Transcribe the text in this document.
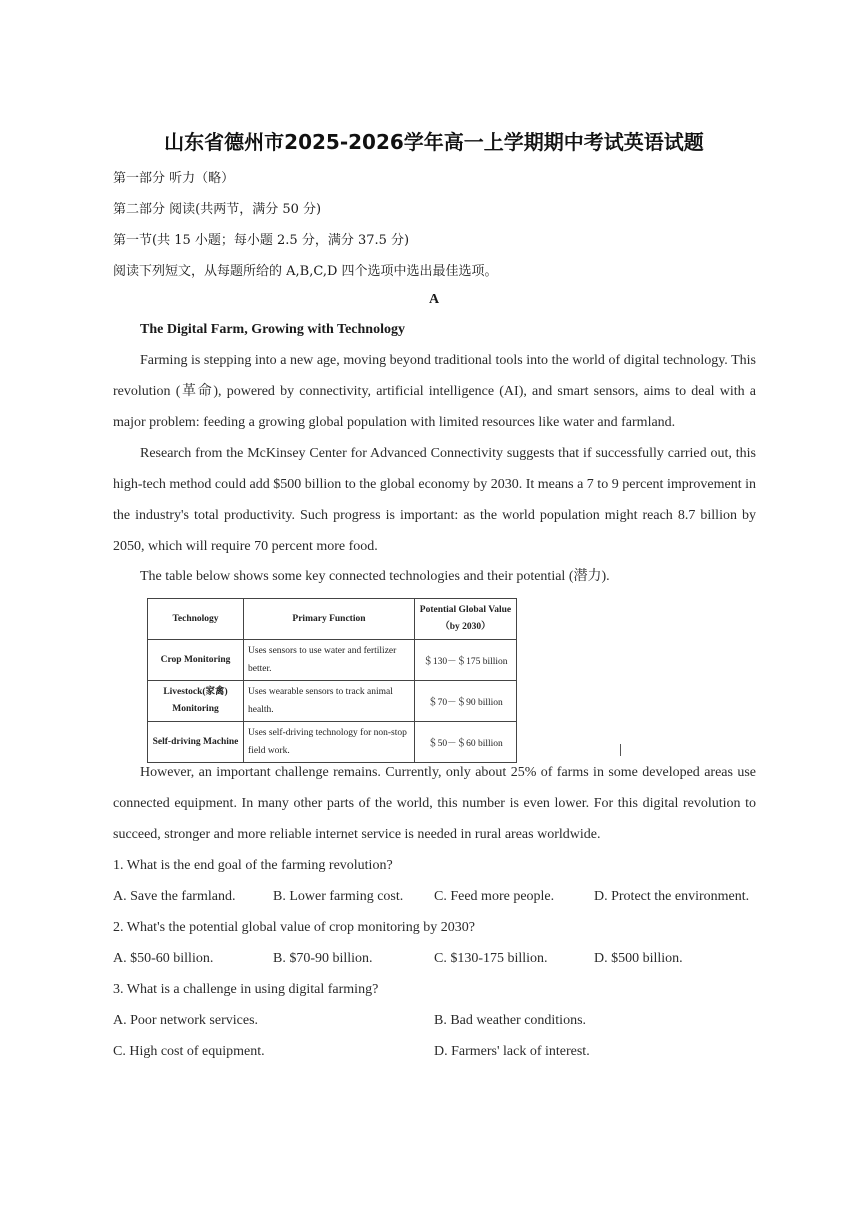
山东省德州市2025-2026学年高一上学期期中考试英语试题
第一部分 听力（略）
第二部分 阅读(共两节，满分 50 分)
第一节(共 15 小题；每小题 2.5 分，满分 37.5 分)
阅读下列短文，从每题所给的 A,B,C,D 四个选项中选出最佳选项。
A
The Digital Farm, Growing with Technology
Farming is stepping into a new age, moving beyond traditional tools into the world of digital technology. This revolution (革命), powered by connectivity, artificial intelligence (AI), and smart sensors, aims to deal with a major problem: feeding a growing global population with limited resources like water and farmland.
Research from the McKinsey Center for Advanced Connectivity suggests that if successfully carried out, this high-tech method could add $500 billion to the global economy by 2030. It means a 7 to 9 percent improvement in the industry's total productivity. Such progress is important: as the world population might reach 8.7 billion by 2050, which will require 70 percent more food.
The table below shows some key connected technologies and their potential (潜力).
Technology	Primary Function	Potential Global Value
（by 2030）
Crop Monitoring	Uses sensors to use water and fertilizer better.	＄130－＄175 billion
Livestock(家禽) Monitoring	Uses wearable sensors to track animal health.	＄70－＄90 billion
Self-driving Machine	Uses self-driving technology for non-stop field work.	＄50－＄60 billion
However, an important challenge remains. Currently, only about 25% of farms in some developed areas use connected equipment. In many other parts of the world, this number is even lower. For this digital revolution to succeed, stronger and more reliable internet service is needed in rural areas worldwide.
1. What is the end goal of the farming revolution?
A. Save the farmland.	B. Lower farming cost. C. Feed more people.	D. Protect the environment.
2. What's the potential global value of crop monitoring by 2030?
A. $50-60 billion.	B. $70-90 billion.	C. $130-175 billion.	D. $500 billion.
3. What is a challenge in using digital farming?
A. Poor network services.	B. Bad weather conditions.
C. High cost of equipment.	D. Farmers' lack of interest.
